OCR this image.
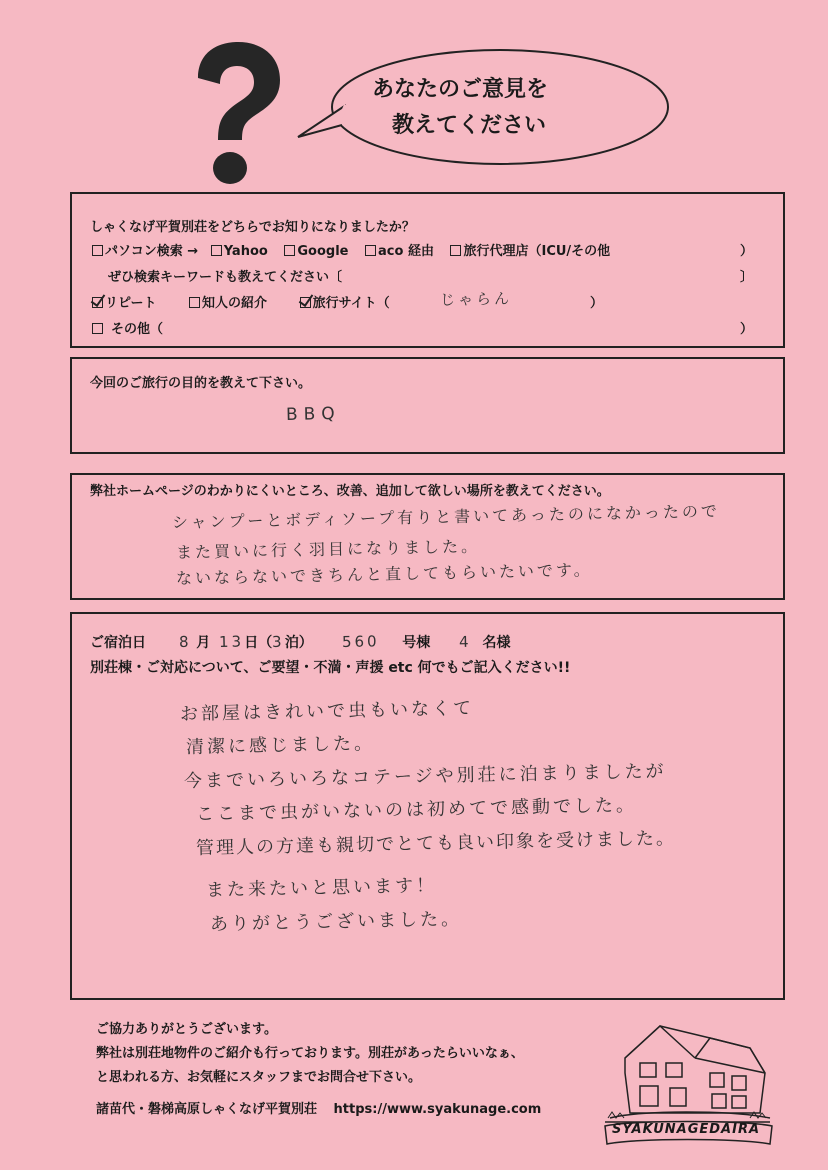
あなたのご意見を
教えてください
しゃくなげ平賀別荘をどちらでお知りになりましたか？
パソコン検索 → Yahoo Google aco 経由 旅行代理店（ICU/その他	）
ぜひ検索キーワードも教えてください〔	〕
リピート	知人の紹介	旅行サイト（	じゃらん	）
その他（	）
今回のご旅行の目的を教えて下さい。
BBQ
弊社ホームページのわかりにくいところ、改善、追加して欲しい場所を教えてください。
シャンプーとボディソープ有りと書いてあったのになかったので
また買いに行く羽目になりました。
ないならないできちんと直してもらいたいです。
ご宿泊日 8 月 13日（3泊） 560 号棟 4 名様
別荘棟・ご対応について、ご要望・不満・声援 etc 何でもご記入ください!!
お部屋はきれいで虫もいなくて
清潔に感じました。
今までいろいろなコテージや別荘に泊まりましたが
ここまで虫がいないのは初めてで感動でした。
管理人の方達も親切でとても良い印象を受けました。
また来たいと思います！
ありがとうございました。
ご協力ありがとうございます。
弊社は別荘地物件のご紹介も行っております。別荘があったらいいなぁ、
と思われる方、お気軽にスタッフまでお問合せ下さい。
諸苗代・磐梯高原しゃくなげ平賀別荘 https://www.syakunage.com
SYAKUNAGEDAIRA
